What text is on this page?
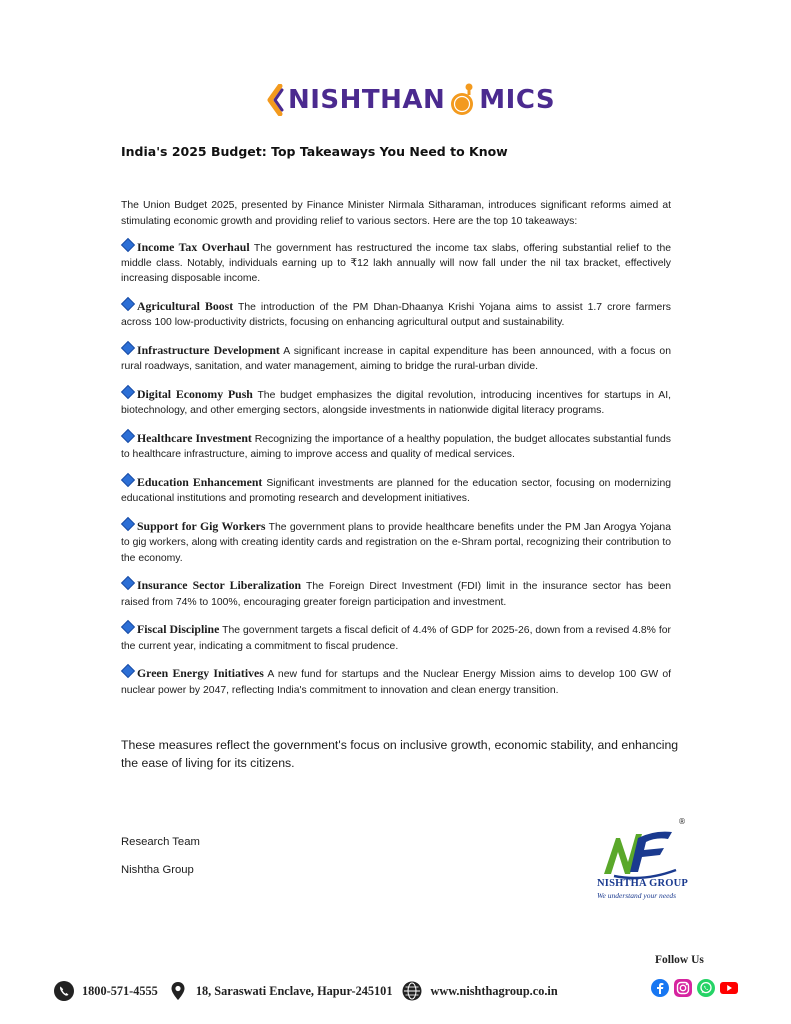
NISHTHAN MICS
India's 2025 Budget: Top Takeaways You Need to Know

The Union Budget 2025, presented by Finance Minister Nirmala Sitharaman, introduces significant reforms aimed at stimulating economic growth and providing relief to various sectors. Here are the top 10 takeaways:

Income Tax Overhaul The government has restructured the income tax slabs, offering substantial relief to the middle class. Notably, individuals earning up to ₹12 lakh annually will now fall under the nil tax bracket, effectively increasing disposable income.
Agricultural Boost The introduction of the PM Dhan-Dhaanya Krishi Yojana aims to assist 1.7 crore farmers across 100 low-productivity districts, focusing on enhancing agricultural output and sustainability.
Infrastructure Development A significant increase in capital expenditure has been announced, with a focus on rural roadways, sanitation, and water management, aiming to bridge the rural-urban divide.
Digital Economy Push The budget emphasizes the digital revolution, introducing incentives for startups in AI, biotechnology, and other emerging sectors, alongside investments in nationwide digital literacy programs.
Healthcare Investment Recognizing the importance of a healthy population, the budget allocates substantial funds to healthcare infrastructure, aiming to improve access and quality of medical services.
Education Enhancement Significant investments are planned for the education sector, focusing on modernizing educational institutions and promoting research and development initiatives.
Support for Gig Workers The government plans to provide healthcare benefits under the PM Jan Arogya Yojana to gig workers, along with creating identity cards and registration on the e-Shram portal, recognizing their contribution to the economy.
Insurance Sector Liberalization The Foreign Direct Investment (FDI) limit in the insurance sector has been raised from 74% to 100%, encouraging greater foreign participation and investment.
Fiscal Discipline The government targets a fiscal deficit of 4.4% of GDP for 2025-26, down from a revised 4.8% for the current year, indicating a commitment to fiscal prudence.
Green Energy Initiatives A new fund for startups and the Nuclear Energy Mission aims to develop 100 GW of nuclear power by 2047, reflecting India's commitment to innovation and clean energy transition.

These measures reflect the government's focus on inclusive growth, economic stability, and enhancing the ease of living for its citizens.

Research Team

Nishtha Group

®

NISHTHA GROUP

We understand your needs

Follow Us

1800-571-4555	18, Saraswati Enclave, Hapur-245101	www.nishthagroup.co.in
